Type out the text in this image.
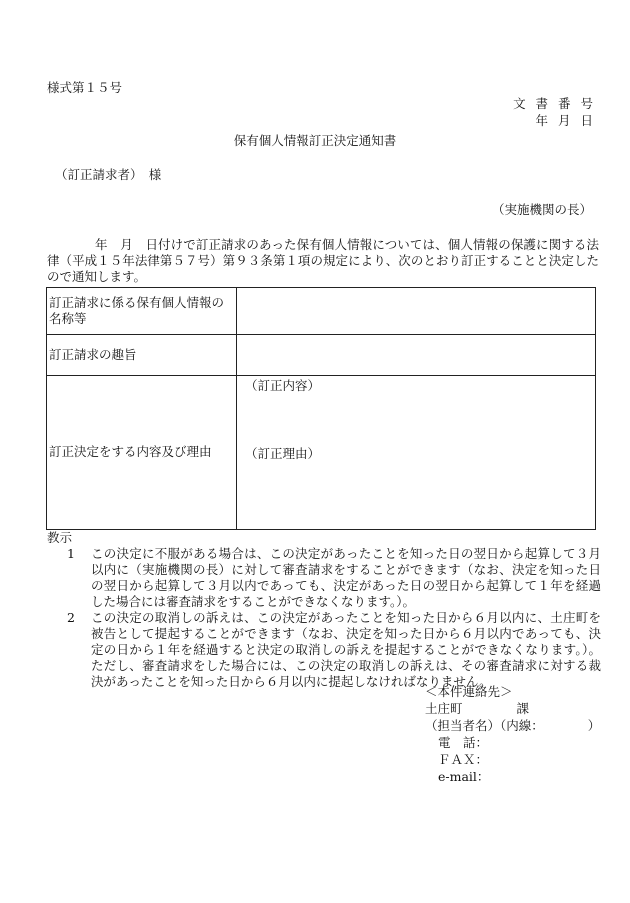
様式第１５号
文 書 番 号
年 月 日
保有個人情報訂正決定通知書
（訂正請求者）　様
（実施機関の長）
年　月　日付けで訂正請求のあった保有個人情報については、個人情報の保護に関する法律（平成１５年法律第５７号）第９３条第１項の規定により、次のとおり訂正することと決定したので通知します。
訂正請求に係る保有個人情報の名称等	
訂正請求の趣旨	
訂正決定をする内容及び理由	（訂正内容）
（訂正理由）
教示
1	この決定に不服がある場合は、この決定があったことを知った日の翌日から起算して３月以内に（実施機関の長）に対して審査請求をすることができます（なお、決定を知った日の翌日から起算して３月以内であっても、決定があった日の翌日から起算して１年を経過した場合には審査請求をすることができなくなります。）。
2	この決定の取消しの訴えは、この決定があったことを知った日から６月以内に、土庄町を被告として提起することができます（なお、決定を知った日から６月以内であっても、決定の日から１年を経過すると決定の取消しの訴えを提起することができなくなります。）。ただし、審査請求をした場合には、この決定の取消しの訴えは、その審査請求に対する裁決があったことを知った日から６月以内に提起しなければなりません。
＜本件連絡先＞
土庄町	課
（担当者名）（内線：	）
電　話：
ＦＡＸ：
e-mail：
